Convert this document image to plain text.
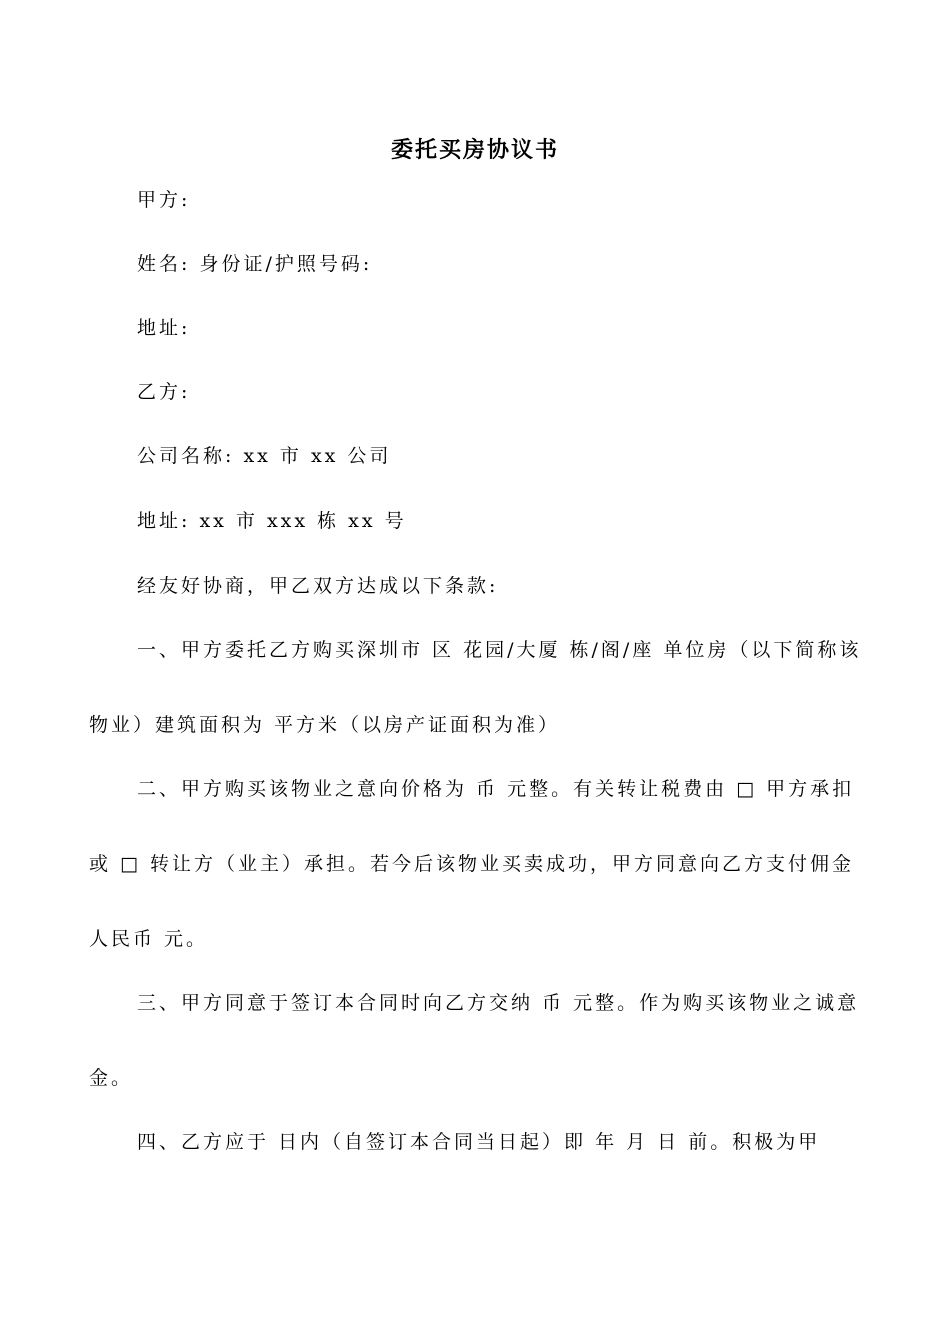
委托买房协议书
甲方:
姓名: 身份证/护照号码:
地址:
乙方:
公司名称: xx 市 xx 公司
地址: xx 市 xxx 栋 xx 号
经友好协商，甲乙双方达成以下条款:
一、甲方委托乙方购买深圳市 区 花园/大厦 栋/阁/座 单位房（以下简称该
物业）建筑面积为 平方米（以房产证面积为准）
二、甲方购买该物业之意向价格为 币 元整。有关转让税费由 □ 甲方承扣
或 □ 转让方（业主）承担。若今后该物业买卖成功，甲方同意向乙方支付佣金
人民币 元。
三、甲方同意于签订本合同时向乙方交纳 币 元整。作为购买该物业之诚意
金。
四、乙方应于 日内（自签订本合同当日起）即 年 月 日 前。积极为甲
